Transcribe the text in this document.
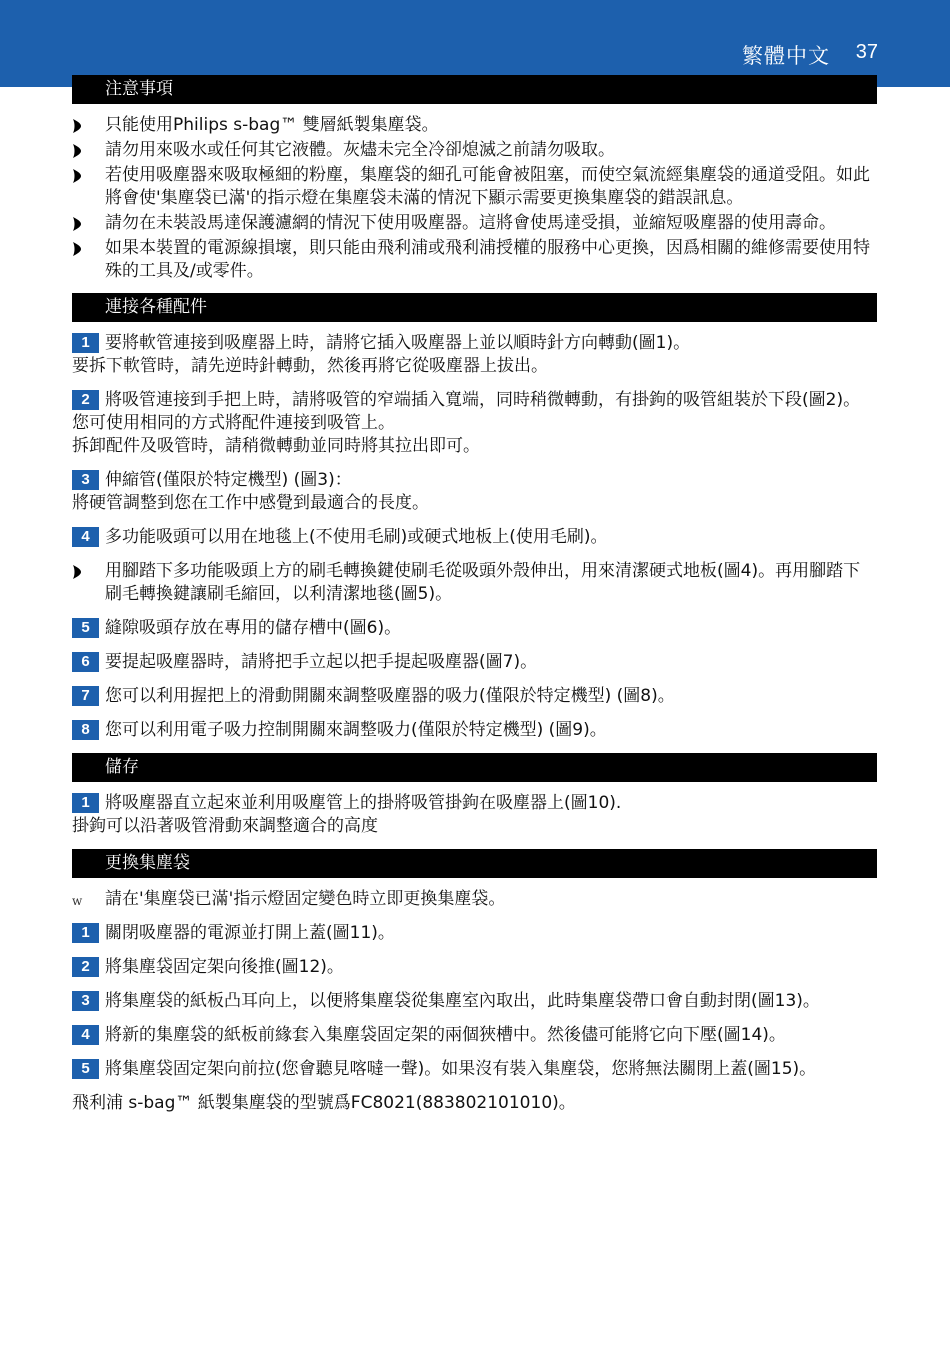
繁體中文 37
注意事項
只能使用Philips s-bag™ 雙層紙製集塵袋。
請勿用來吸水或任何其它液體。灰燼未完全冷卻熄滅之前請勿吸取。
若使用吸塵器來吸取極細的粉塵，集塵袋的細孔可能會被阻塞，而使空氣流經集塵袋的通道受阻。如此將會使'集塵袋已滿'的指示燈在集塵袋未滿的情況下顯示需要更換集塵袋的錯誤訊息。
請勿在未裝設馬達保護濾網的情況下使用吸塵器。這將會使馬達受損，並縮短吸塵器的使用壽命。
如果本裝置的電源線損壞，則只能由飛利浦或飛利浦授權的服務中心更換，因爲相關的維修需要使用特殊的工具及/或零件。
連接各種配件
1 要將軟管連接到吸塵器上時，請將它插入吸塵器上並以順時針方向轉動(圖1)。
要拆下軟管時，請先逆時針轉動，然後再將它從吸塵器上拔出。
2 將吸管連接到手把上時，請將吸管的窄端插入寬端，同時稍微轉動，有掛鉤的吸管組裝於下段(圖2)。
您可使用相同的方式將配件連接到吸管上。
拆卸配件及吸管時，請稍微轉動並同時將其拉出即可。
3 伸縮管(僅限於特定機型) (圖3)：
將硬管調整到您在工作中感覺到最適合的長度。
4 多功能吸頭可以用在地毯上(不使用毛刷)或硬式地板上(使用毛刷)。
用腳踏下多功能吸頭上方的刷毛轉換鍵使刷毛從吸頭外殼伸出，用來清潔硬式地板(圖4)。再用腳踏下刷毛轉換鍵讓刷毛縮回，以利清潔地毯(圖5)。
5 縫隙吸頭存放在專用的儲存槽中(圖6)。
6 要提起吸塵器時，請將把手立起以把手提起吸塵器(圖7)。
7 您可以利用握把上的滑動開關來調整吸塵器的吸力(僅限於特定機型) (圖8)。
8 您可以利用電子吸力控制開關來調整吸力(僅限於特定機型) (圖9)。
儲存
1 將吸塵器直立起來並利用吸塵管上的掛將吸管掛鉤在吸塵器上(圖10).
掛鉤可以沿著吸管滑動來調整適合的高度
更換集塵袋
w 請在'集塵袋已滿'指示燈固定變色時立即更換集塵袋。
1 關閉吸塵器的電源並打開上蓋(圖11)。
2 將集塵袋固定架向後推(圖12)。
3 將集塵袋的紙板凸耳向上，以便將集塵袋從集塵室內取出，此時集塵袋帶口會自動封閉(圖13)。
4 將新的集塵袋的紙板前緣套入集塵袋固定架的兩個狹槽中。然後儘可能將它向下壓(圖14)。
5 將集塵袋固定架向前拉(您會聽見喀噠一聲)。如果沒有裝入集塵袋，您將無法關閉上蓋(圖15)。
飛利浦 s-bag™ 紙製集塵袋的型號爲FC8021(883802101010)。
